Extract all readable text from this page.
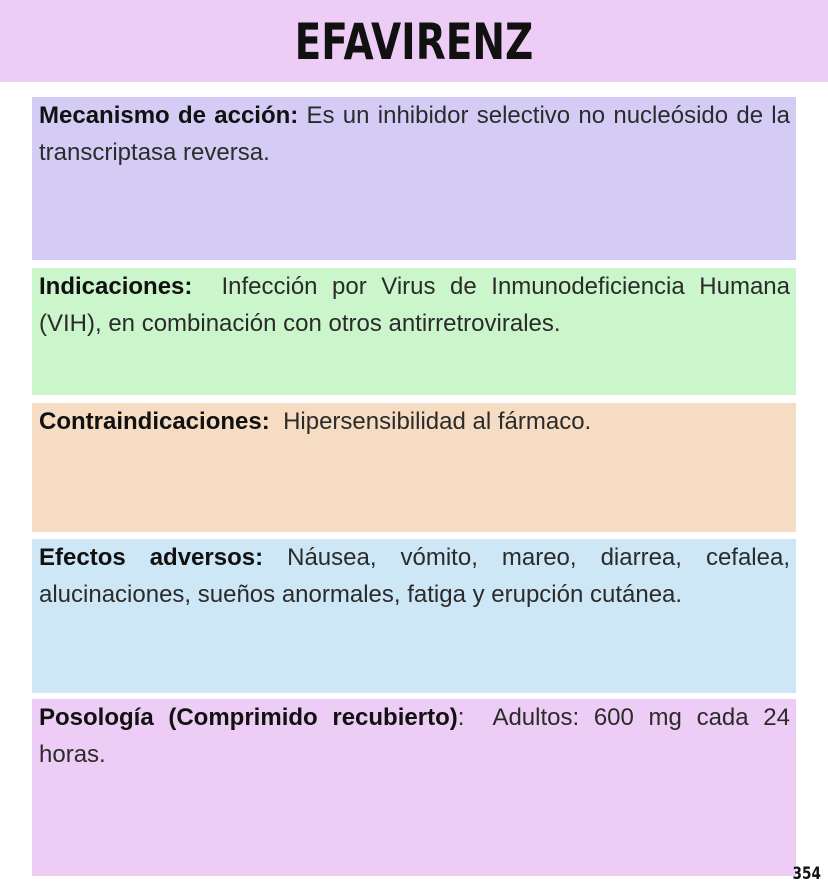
EFAVIRENZ

Mecanismo de acción: Es un inhibidor selectivo no nucleósido de la transcriptasa reversa.

Indicaciones: Infección por Virus de Inmunodeficiencia Humana (VIH), en combinación con otros antirretrovirales.

Contraindicaciones: Hipersensibilidad al fármaco.

Efectos adversos: Náusea, vómito, mareo, diarrea, cefalea, alucinaciones, sueños anormales, fatiga y erupción cutánea.

Posología (Comprimido recubierto): Adultos: 600 mg cada 24 horas.

354
